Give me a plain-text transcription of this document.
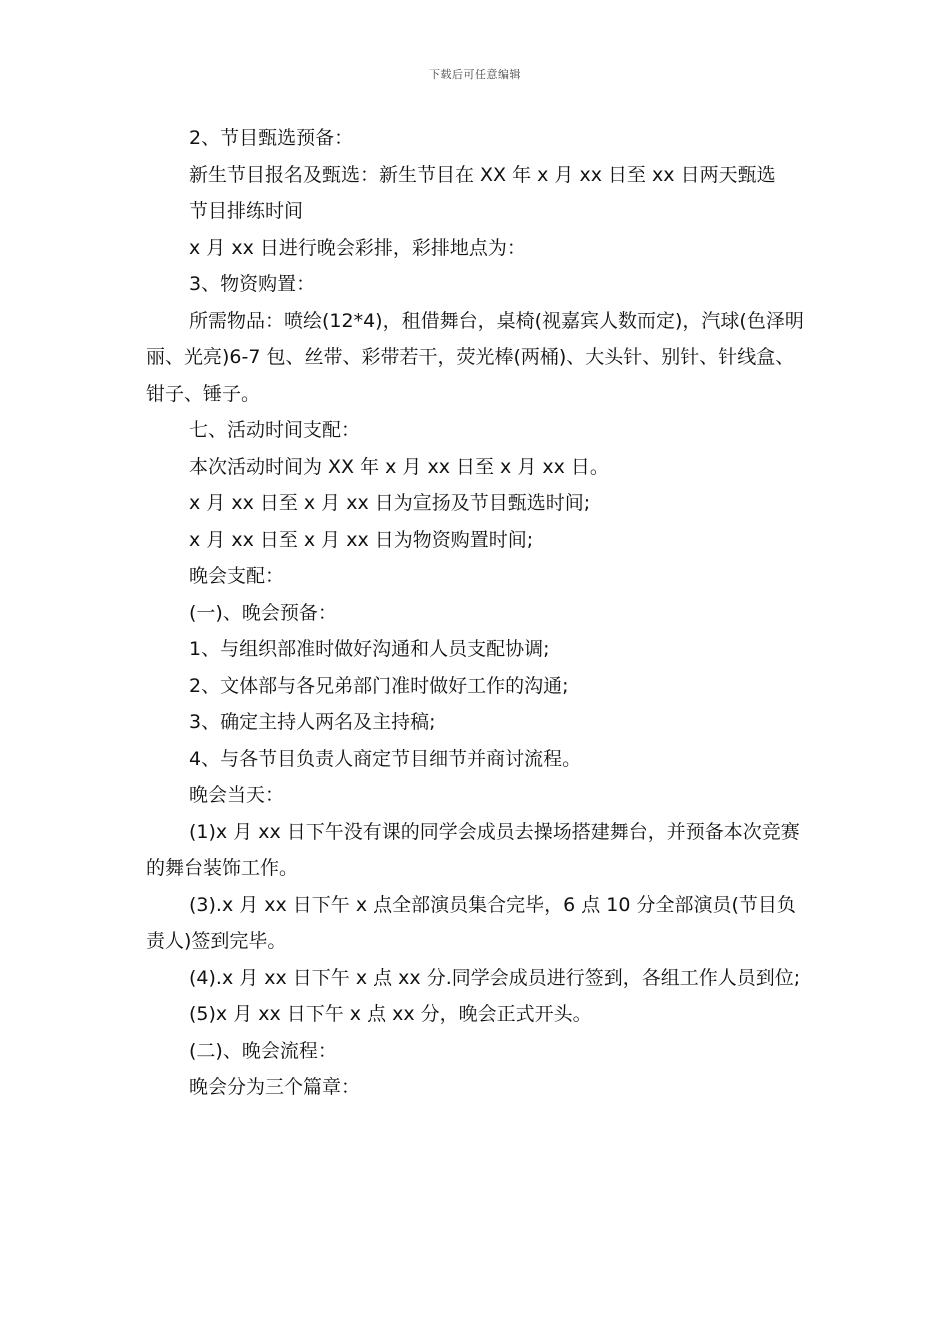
下载后可任意编辑

2、节目甄选预备：

新生节目报名及甄选：新生节目在 XX 年 x 月 xx 日至 xx 日两天甄选

节目排练时间

x 月 xx 日进行晚会彩排，彩排地点为：

3、物资购置：

所需物品：喷绘(12*4)，租借舞台，桌椅(视嘉宾人数而定)，汽球(色泽明丽、光亮)6-7 包、丝带、彩带若干，荧光棒(两桶)、大头针、别针、针线盒、钳子、锤子。

七、活动时间支配：

本次活动时间为 XX 年 x 月 xx 日至 x 月 xx 日。

x 月 xx 日至 x 月 xx 日为宣扬及节目甄选时间;

x 月 xx 日至 x 月 xx 日为物资购置时间;

晚会支配：

(一)、晚会预备：

1、与组织部准时做好沟通和人员支配协调;

2、文体部与各兄弟部门准时做好工作的沟通;

3、确定主持人两名及主持稿;

4、与各节目负责人商定节目细节并商讨流程。

晚会当天：

(1)x 月 xx 日下午没有课的同学会成员去操场搭建舞台，并预备本次竞赛的舞台装饰工作。

(3).x 月 xx 日下午 x 点全部演员集合完毕，6 点 10 分全部演员(节目负责人)签到完毕。

(4).x 月 xx 日下午 x 点 xx 分.同学会成员进行签到，各组工作人员到位;

(5)x 月 xx 日下午 x 点 xx 分，晚会正式开头。

(二)、晚会流程：

晚会分为三个篇章：
